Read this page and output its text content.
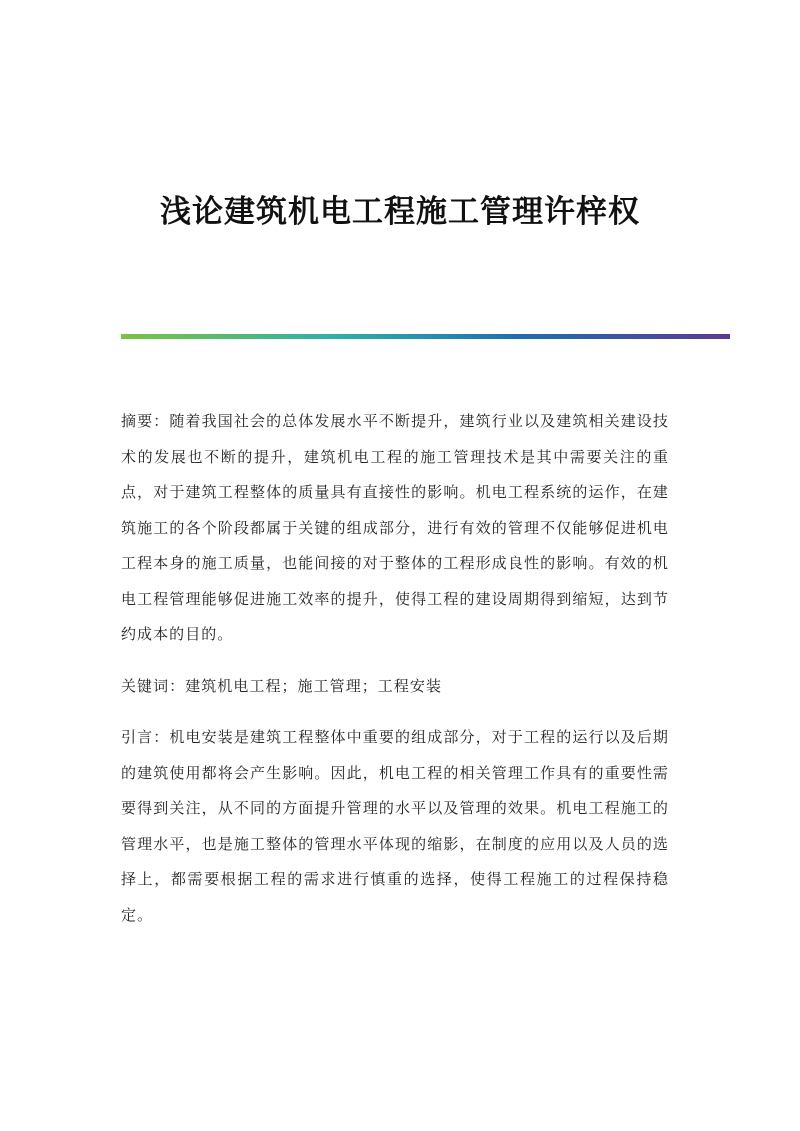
浅论建筑机电工程施工管理许梓权

摘要：随着我国社会的总体发展水平不断提升，建筑行业以及建筑相关建设技术的发展也不断的提升，建筑机电工程的施工管理技术是其中需要关注的重点，对于建筑工程整体的质量具有直接性的影响。机电工程系统的运作，在建筑施工的各个阶段都属于关键的组成部分，进行有效的管理不仅能够促进机电工程本身的施工质量，也能间接的对于整体的工程形成良性的影响。有效的机电工程管理能够促进施工效率的提升，使得工程的建设周期得到缩短，达到节约成本的目的。

关键词：建筑机电工程；施工管理；工程安装

引言：机电安装是建筑工程整体中重要的组成部分，对于工程的运行以及后期的建筑使用都将会产生影响。因此，机电工程的相关管理工作具有的重要性需要得到关注，从不同的方面提升管理的水平以及管理的效果。机电工程施工的管理水平，也是施工整体的管理水平体现的缩影，在制度的应用以及人员的选择上，都需要根据工程的需求进行慎重的选择，使得工程施工的过程保持稳定。
